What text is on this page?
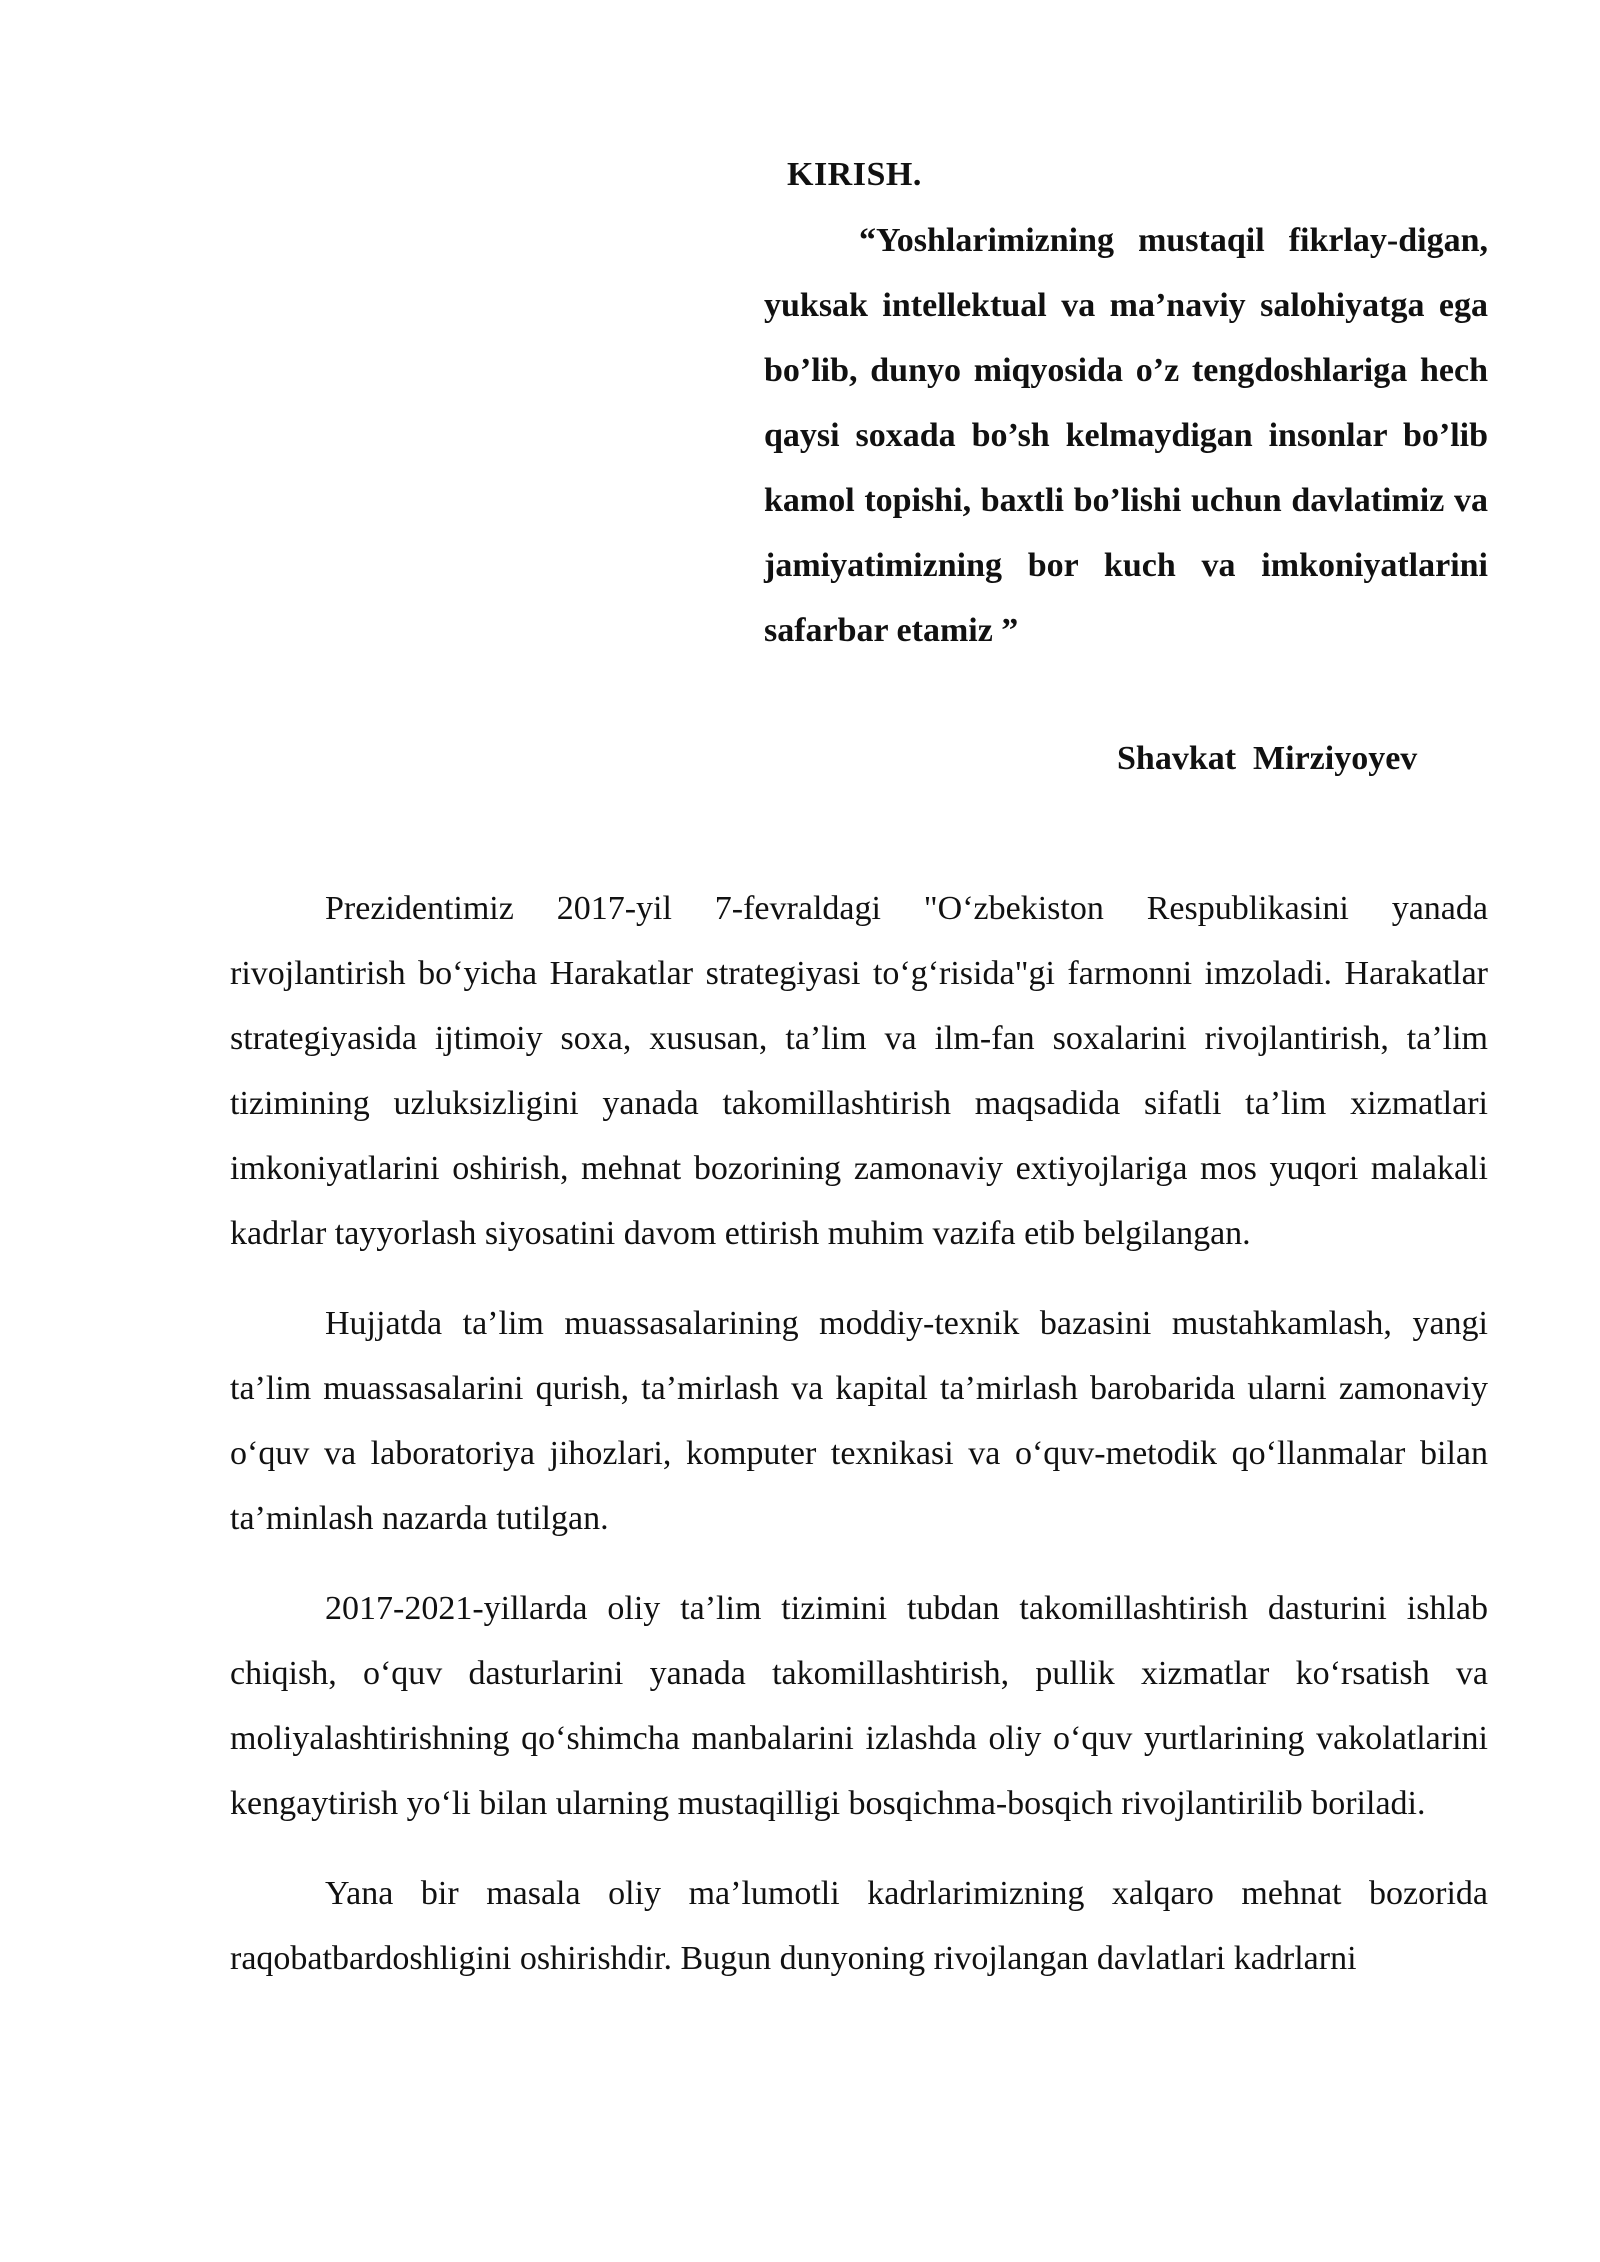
KIRISH.

“Yoshlarimizning mustaqil fikrlay-digan, yuksak intellektual va ma’naviy salohiyatga ega bo’lib, dunyo miqyosida o’z tengdoshlariga hech qaysi soxada bo’sh kelmaydigan insonlar bo’lib kamol topishi, baxtli bo’lishi uchun davlatimiz va jamiyatimizning bor kuch va imkoniyatlarini safarbar etamiz ”

Shavkat  Mirziyoyev

Prezidentimiz 2017-yil 7-fevraldagi "O‘zbekiston Respublikasini yanada rivojlantirish bo‘yicha Harakatlar strategiyasi to‘g‘risida"gi farmonni imzoladi. Harakatlar strategiyasida ijtimoiy soxa, xususan, ta’lim va ilm-fan soxalarini rivojlantirish, ta’lim tizimining uzluksizligini yanada takomillashtirish maqsadida sifatli ta’lim xizmatlari imkoniyatlarini oshirish, mehnat bozorining zamonaviy extiyojlariga mos yuqori malakali kadrlar tayyorlash siyosatini davom ettirish muhim vazifa etib belgilangan.

Hujjatda ta’lim muassasalarining moddiy-texnik bazasini mustahkamlash, yangi ta’lim muassasalarini qurish, ta’mirlash va kapital ta’mirlash barobarida ularni zamonaviy o‘quv va laboratoriya jihozlari, komputer texnikasi va o‘quv-metodik qo‘llanmalar bilan ta’minlash nazarda tutilgan.

2017-2021-yillarda oliy ta’lim tizimini tubdan takomillashtirish dasturini ishlab chiqish, o‘quv dasturlarini yanada takomillashtirish, pullik xizmatlar ko‘rsatish va moliyalashtirishning qo‘shimcha manbalarini izlashda oliy o‘quv yurtlarining vakolatlarini kengaytirish yo‘li bilan ularning mustaqilligi bosqichma-bosqich rivojlantirilib boriladi.

Yana bir masala oliy ma’lumotli kadrlarimizning xalqaro mehnat bozorida raqobatbardoshligini oshirishdir. Bugun dunyoning rivojlangan davlatlari kadrlarni
